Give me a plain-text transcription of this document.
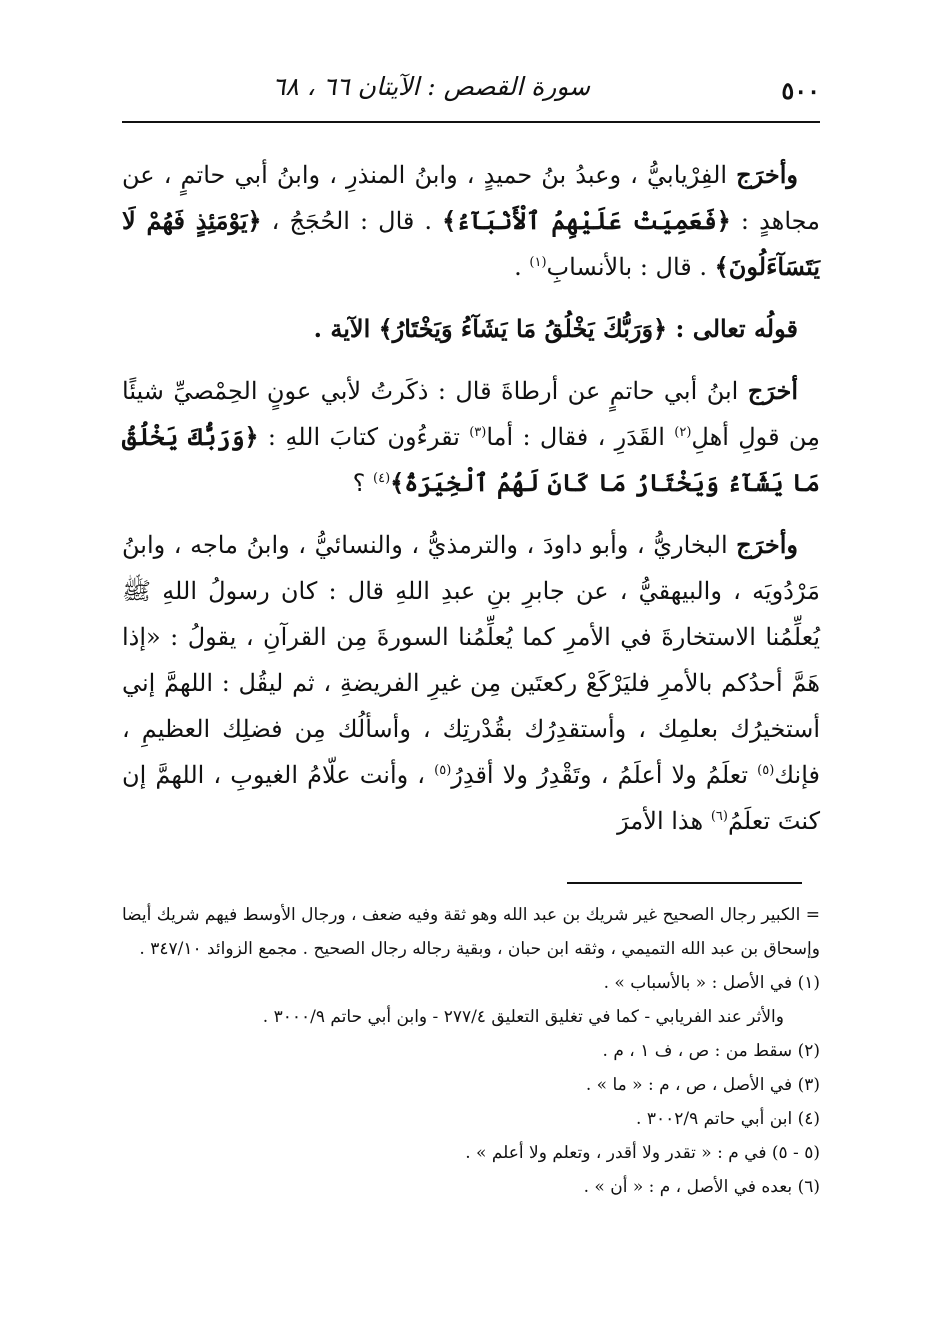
٥٠٠
سورة القصص : الآيتان ٦٦ ، ٦٨

وأخرَج الفِرْيابيُّ ، وعبدُ بنُ حميدٍ ، وابنُ المنذرِ ، وابنُ أبي حاتمٍ ، عن مجاهدٍ : ﴿فَعَمِيَتْ عَلَيْهِمُ ٱلْأَنْبَآءُ﴾ . قال : الحُجَجُ ، ﴿يَوْمَئِذٍ فَهُمْ لَا يَتَسَآءَلُونَ﴾ . قال : بالأنسابِ$^{(١)}$ .

قولُه تعالى : ﴿وَرَبُّكَ يَخْلُقُ مَا يَشَآءُ وَيَخْتَارُ﴾ الآية .

أخرَج ابنُ أبي حاتمٍ عن أرطاةَ قال : ذكَرتُ لأبي عونٍ الحِمْصيِّ شيئًا مِن قولِ أهلِ$^{(٢)}$ القَدَرِ ، فقال : أما$^{(٣)}$ تقرءُون كتابَ اللهِ : ﴿وَرَبُّكَ يَخْلُقُ مَا يَشَآءُ وَيَخْتَارُ مَا كَانَ لَهُمُ ٱلْخِيَرَةُ﴾$^{(٤)}$ ؟

وأخرَج البخاريُّ ، وأبو داودَ ، والترمذيُّ ، والنسائيُّ ، وابنُ ماجه ، وابنُ مَرْدُويَه ، والبيهقيُّ ، عن جابرِ بنِ عبدِ اللهِ قال : كان رسولُ اللهِ ﷺ يُعلِّمُنا الاستخارةَ في الأمرِ كما يُعلِّمُنا السورةَ مِن القرآنِ ، يقولُ : «إذا هَمَّ أحدُكم بالأمرِ فليَرْكَعْ ركعتَين مِن غيرِ الفريضةِ ، ثم ليقُل : اللهمَّ إني أستخيرُك بعلمِك ، وأستقدِرُك بقُدْرتِك ، وأسألُك مِن فضلِك العظيمِ ، فإنك$^{(٥)}$ تعلَمُ ولا أعلَمُ ، وتَقْدِرُ ولا أقدِرُ$^{(٥)}$ ، وأنت علّامُ الغيوبِ ، اللهمَّ إن كنتَ تعلَمُ$^{(٦)}$ هذا الأمرَ

= الكبير رجال الصحيح غير شريك بن عبد الله وهو ثقة وفيه ضعف ، ورجال الأوسط فيهم شريك أيضا وإسحاق بن عبد الله التميمي ، وثقه ابن حبان ، وبقية رجاله رجال الصحيح . مجمع الزوائد ٣٤٧/١٠ .

(١) في الأصل : « بالأسباب » .

والأثر عند الفريابي - كما في تغليق التعليق ٢٧٧/٤ - وابن أبي حاتم ٣٠٠٠/٩ .

(٢) سقط من : ص ، ف ١ ، م .

(٣) في الأصل ، ص ، م : « ما » .

(٤) ابن أبي حاتم ٣٠٠٢/٩ .

(٥ - ٥) في م : « تقدر ولا أقدر ، وتعلم ولا أعلم » .

(٦) بعده في الأصل ، م : « أن » .
